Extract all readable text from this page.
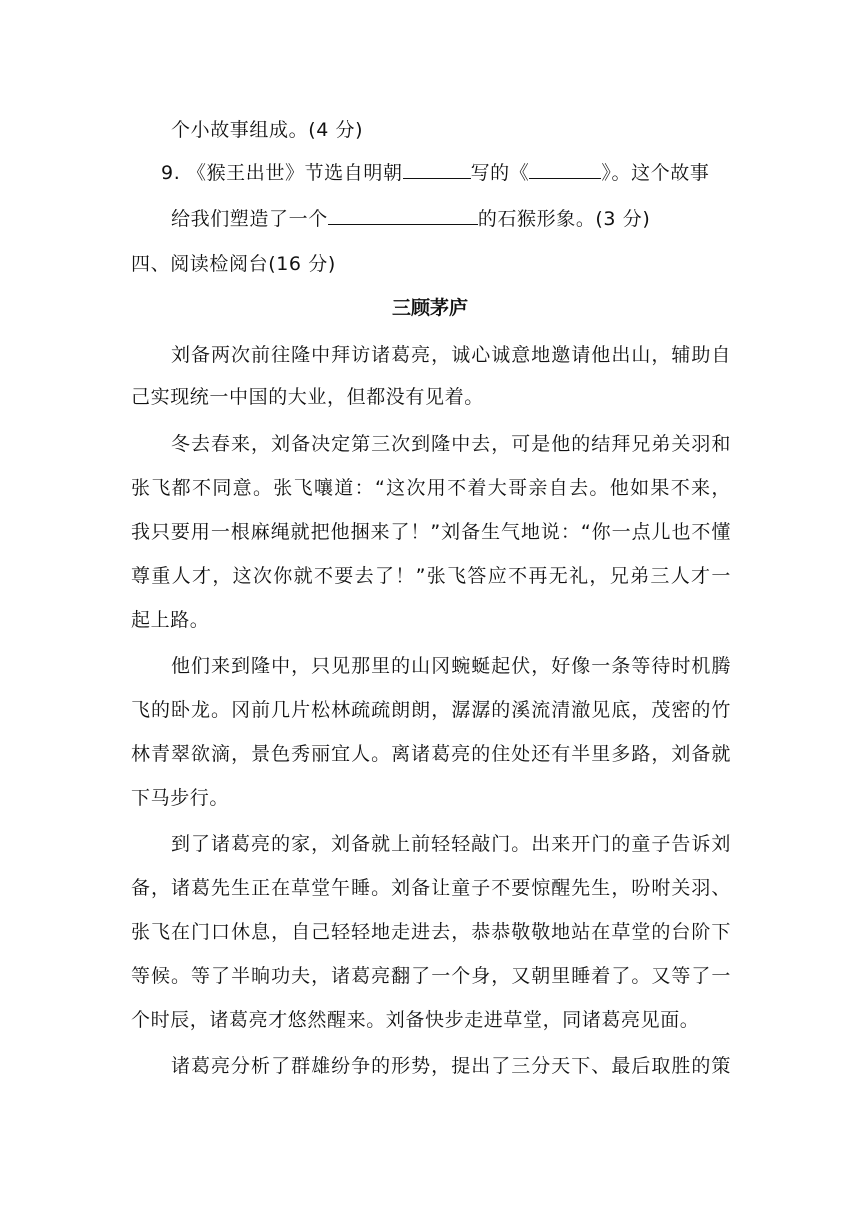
个小故事组成。(4 分)
9. 《猴王出世》节选自明朝	写的《	》。这个故事
给我们塑造了一个	的石猴形象。(3 分)
四、阅读检阅台(16 分)
三顾茅庐
刘备两次前往隆中拜访诸葛亮，诚心诚意地邀请他出山，辅助自
己实现统一中国的大业，但都没有见着。
冬去春来，刘备决定第三次到隆中去，可是他的结拜兄弟关羽和
张飞都不同意。张飞嚷道：“这次用不着大哥亲自去。他如果不来，
我只要用一根麻绳就把他捆来了！”刘备生气地说：“你一点儿也不懂
尊重人才，这次你就不要去了！”张飞答应不再无礼，兄弟三人才一
起上路。
他们来到隆中，只见那里的山冈蜿蜒起伏，好像一条等待时机腾
飞的卧龙。冈前几片松林疏疏朗朗，潺潺的溪流清澈见底，茂密的竹
林青翠欲滴，景色秀丽宜人。离诸葛亮的住处还有半里多路，刘备就
下马步行。
到了诸葛亮的家，刘备就上前轻轻敲门。出来开门的童子告诉刘
备，诸葛先生正在草堂午睡。刘备让童子不要惊醒先生，吩咐关羽、
张飞在门口休息，自己轻轻地走进去，恭恭敬敬地站在草堂的台阶下
等候。等了半晌功夫，诸葛亮翻了一个身，又朝里睡着了。又等了一
个时辰，诸葛亮才悠然醒来。刘备快步走进草堂，同诸葛亮见面。
诸葛亮分析了群雄纷争的形势，提出了三分天下、最后取胜的策
